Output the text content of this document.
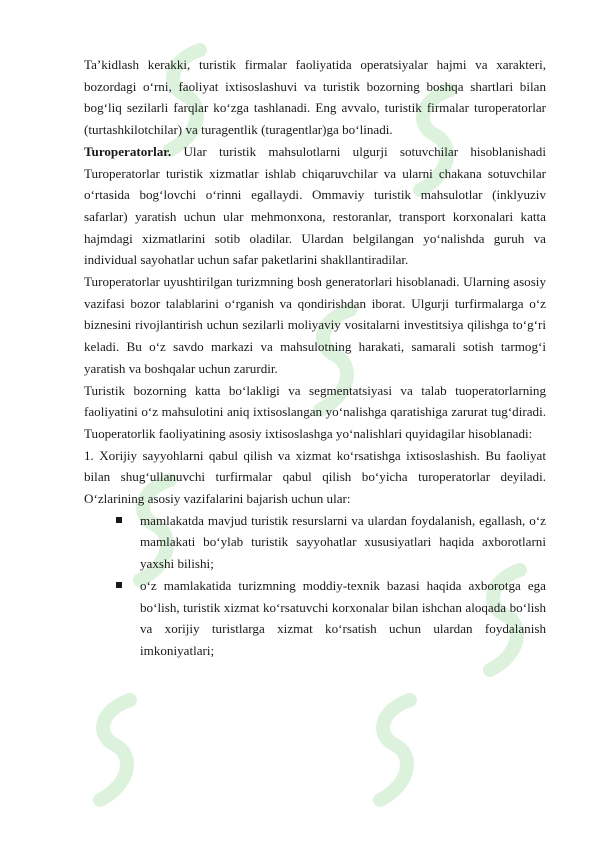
Ta’kidlash kerakki, turistik firmalar faoliyatida operatsiyalar hajmi va xarakteri, bozordagi o‘rni, faoliyat ixtisoslashuvi va turistik bozorning boshqa shartlari bilan bog‘liq sezilarli farqlar ko‘zga tashlanadi. Eng avvalo, turistik firmalar turoperatorlar (turtashkilotchilar) va turagentlik (turagentlar)ga bo‘linadi.

Turoperatorlar. Ular turistik mahsulotlarni ulgurji sotuvchilar hisoblanishadi Turoperatorlar turistik xizmatlar ishlab chiqaruvchilar va ularni chakana sotuvchilar o‘rtasida bog‘lovchi o‘rinni egallaydi. Ommaviy turistik mahsulotlar (inklyuziv safarlar) yaratish uchun ular mehmonxona, restoranlar, transport korxonalari katta hajmdagi xizmatlarini sotib oladilar. Ulardan belgilangan yo‘nalishda guruh va individual sayohatlar uchun safar paketlarini shakllantiradilar.

Turoperatorlar uyushtirilgan turizmning bosh generatorlari hisoblanadi. Ularning asosiy vazifasi bozor talablarini o‘rganish va qondirishdan iborat. Ulgurji turfirmalarga o‘z biznesini rivojlantirish uchun sezilarli moliyaviy vositalarni investitsiya qilishga to‘g‘ri keladi. Bu o‘z savdo markazi va mahsulotning harakati, samarali sotish tarmog‘i yaratish va boshqalar uchun zarurdir.

Turistik bozorning katta bo‘lakligi va segmentatsiyasi va talab tuoperatorlarning faoliyatini o‘z mahsulotini aniq ixtisoslangan yo‘nalishga qaratishiga zarurat tug‘diradi. Tuoperatorlik faoliyatining asosiy ixtisoslashga yo‘nalishlari quyidagilar hisoblanadi:

1. Xorijiy sayyohlarni qabul qilish va xizmat ko‘rsatishga ixtisoslashish. Bu faoliyat bilan shug‘ullanuvchi turfirmalar qabul qilish bo‘yicha turoperatorlar deyiladi. O‘zlarining asosiy vazifalarini bajarish uchun ular:

mamlakatda mavjud turistik resurslarni va ulardan foydalanish, egallash, o‘z mamlakati bo‘ylab turistik sayyohatlar xususiyatlari haqida axborotlarni yaxshi bilishi;
o‘z mamlakatida turizmning moddiy-texnik bazasi haqida axborotga ega bo‘lish, turistik xizmat ko‘rsatuvchi korxonalar bilan ishchan aloqada bo‘lish va xorijiy turistlarga xizmat ko‘rsatish uchun ulardan foydalanish imkoniyatlari;
